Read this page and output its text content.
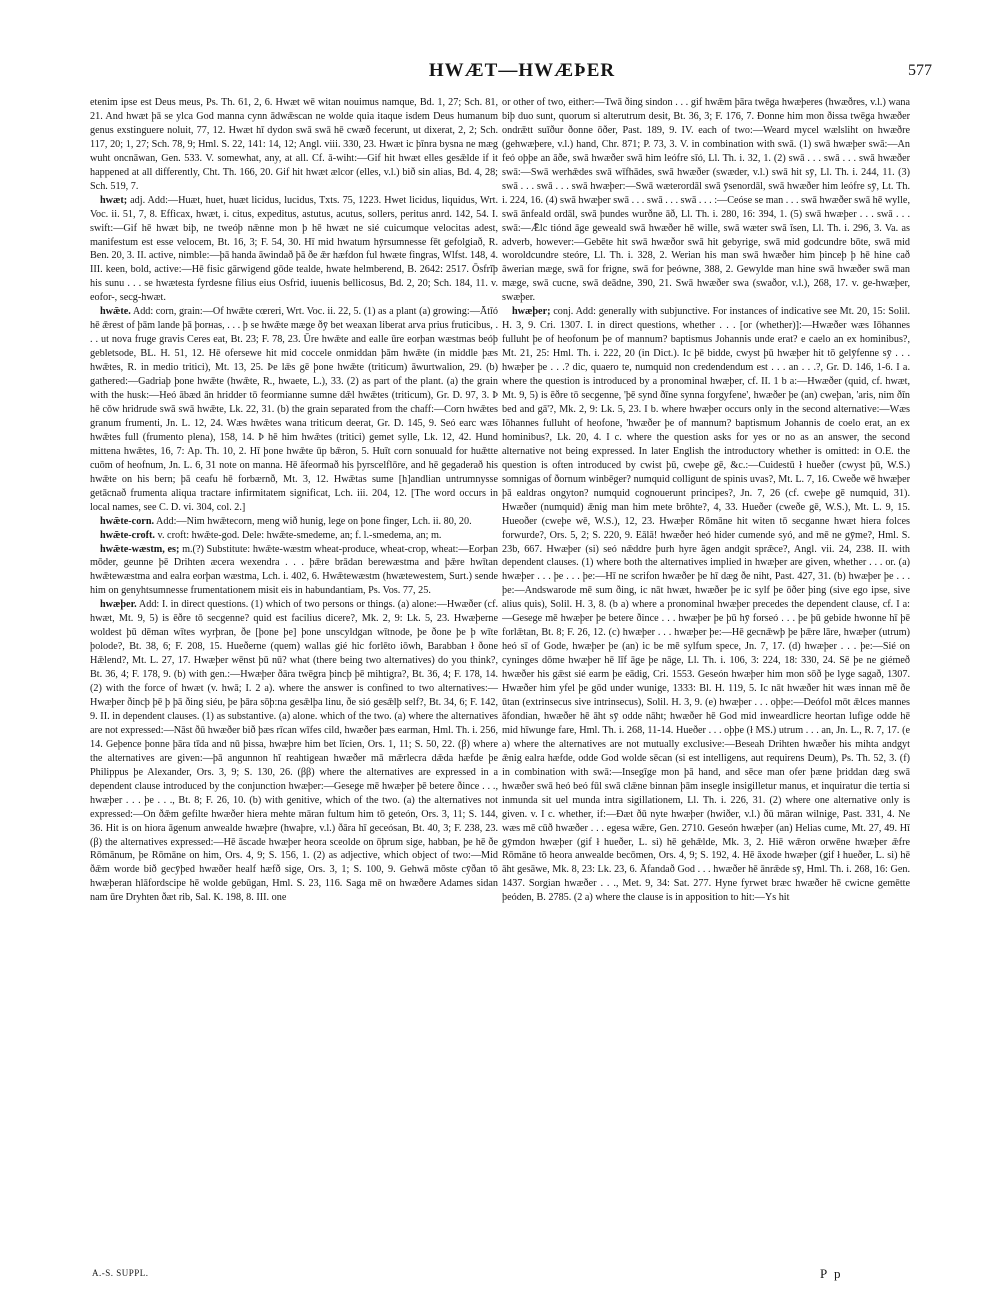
HWÆT—HWÆÞER	577

etenim ipse est Deus meus, Ps. Th. 61, 2, 6. Hwæt wē witan nouimus namque, Bd. 1, 27; Sch. 81, 21. And hwæt þā se ylca God manna cynn ādwǣscan ne wolde quia itaque isdem Deus humanum genus exstinguere noluit, 77, 12. Hwæt hī dydon swā swā hē cwæð fecerunt, ut dixerat, 2, 2; Sch. 117, 20; 1, 27; Sch. 78, 9; Hml. S. 22, 141: 14, 12; Angl. viii. 330, 23. Hwæt ic þīnra bysna ne mæg wuht oncnāwan, Gen. 533. V. somewhat, any, at all. Cf. ā-wiht:—Gif hit hwæt elles gesǣlde if it happened at all differently, Cht. Th. 166, 20. Gif hit hwæt ælcor (elles, v.l.) bið sin alias, Bd. 4, 28; Sch. 519, 7.

hwæt; adj. Add:—Huæt, huet, huæt licidus, lucidus, Txts. 75, 1223. Hwet licidus, liquidus, Wrt. Voc. ii. 51, 7, 8. Efficax, hwæt, i. citus, expeditus, astutus, acutus, sollers, peritus anrd. 142, 54. I. swift:—Gif hē hwæt biþ, ne tweóþ nǣnne mon þ hē hwæt ne sié cuicumque velocitas adest, manifestum est esse velocem, Bt. 16, 3; F. 54, 30. Hī mid hwatum hȳrsumnesse fēt gefolgiað, R. Ben. 20, 3. II. active, nimble:—þā handa āwindað þā ðe ǣr hæfdon ful hwæte fingras, Wlfst. 148, 4. III. keen, bold, active:—Hē fisic gārwigend gōde tealde, hwate helmberend, B. 2642: 2517. Ōsfrīþ his sunu . . . se hwætesta fyrdesne filius eius Osfrid, iuuenis bellicosus, Bd. 2, 20; Sch. 184, 11. v. eofor-, secg-hwæt.

hwǣte. Add: corn, grain:—Of hwǣte cœreri, Wrt. Voc. ii. 22, 5. (1) as a plant (a) growing:—Ātīó hē ǣrest of þām lande þā þorнas, . . . þ se hwǣte mæge ðȳ bet weaxan liberat arva prius fruticibus, . . . ut nova fruge gravis Ceres eat, Bt. 23; F. 78, 23. Ūre hwǣte and ealle ūre eorþan wæstmas beóþ gebletsode, BL. H. 51, 12. Hē ofersewe hit mid coccele onmiddan þām hwǣte (in middle þæs hwǣtes, R. in medio tritici), Mt. 13, 25. Þe lǣs gē þone hwǣte (triticum) āwurtwalion, 29. (b) gathered:—Gadriaþ þone hwǣte (hwǣte, R., hwaete, L.), 33. (2) as part of the plant. (a) the grain with the husk:—Heó ābæd ān hridder tō feormianne sumne dǣl hwǣtes (triticum), Gr. D. 97, 3. Þ hē cǒw hridrude swā swā hwǣte, Lk. 22, 31. (b) the grain separated from the chaff:—Corn hwǣtes granum frumenti, Jn. L. 12, 24. Wæs hwǣtes wana triticum deerat, Gr. D. 145, 9. Seó earc wæs hwǣtes full (frumento plena), 158, 14. Þ hē him hwǣtes (tritici) gemet sylle, Lk. 12, 42. Hund mittena hwǣtes, 16, 7: Ap. Th. 10, 2. Hī þone hwǣte ūp bǣron, 5. Huīt corn sonuuald for huǣtte cuōm of heofnum, Jn. L. 6, 31 note on manna. Hē āfeormað his þyrscelflōre, and hē gegaderað his hwǣte on his bern; þā ceafu hē forbærnð, Mt. 3, 12. Hwǣtas sume [h]andlian untrumnysse getācnað frumenta aliqua tractare infirmitatem significat, Lch. iii. 204, 12. [The word occurs in local names, see C. D. vi. 304, col. 2.]

hwǣte-corn. Add:—Nim hwǣtecorn, meng wið hunig, lege on þone finger, Lch. ii. 80, 20.

hwǣte-croft. v. croft: hwǣte-god. Dele: hwǣte-smedeme, an; f. l.-smedema, an; m.

hwǣte-wæstm, es; m.(?) Substitute: hwǣte-wæstm wheat-produce, wheat-crop, wheat:—Eorþan mōder, geunne þē Drihten æcera wexendra . . . þǣre brādan berewæstma and þǣre hwītan hwǣtewæstma and ealra eorþan wæstma, Lch. i. 402, 6. Hwǣtewæstm (hwætewestem, Surt.) sende him on genyhtsumnesse frumentationem misit eis in habundantiam, Ps. Vos. 77, 25.

hwæþer. Add: I. in direct questions. (1) which of two persons or things. (a) alone:—Hwæðer (cf. hwæt, Mt. 9, 5) is ēðre tō secgenne? quid est facilius dicere?, Mk. 2, 9: Lk. 5, 23. Hwæþerne woldest þū dēman wītes wyrþran, ðe [þone þe] þone unscyldgan wītnode, þe ðone þe þ wīte þolode?, Bt. 38, 6; F. 208, 15. Hueðerne (quem) wallas gié hic forlēto iōwh, Barabban ł ðone Hǣlend?, Mt. L. 27, 17. Hwæþer wēnst þū nū? what (there being two alternatives) do you think?, Bt. 36, 4; F. 178, 9. (b) with gen.:—Hwæþer ðāra twēgra þincþ þē mihtigra?, Bt. 36, 4; F. 178, 14. (2) with the force of hwæt (v. hwā; I. 2 a). where the answer is confined to two alternatives:—Hwæþer ðincþ þē þ þā ðing siéu, þe þāra sōþ:na gesǣlþa linu, ðe sió gesǣlþ self?, Bt. 34, 6; F. 142, 9. II. in dependent clauses. (1) as substantive. (a) alone. which of the two. (a) where the alternatives are not expressed:—Nāst ðū hwæðer bið þæs rīcan wīfes cild, hwæðer þæs earman, Hml. Th. i. 256, 14. Geþence þonne þāra tīda and nū þissa, hwæþre him bet līcien, Ors. 1, 11; S. 50, 22. (β) where the alternatives are given:—þā angunnon hī reahtigean hwæðer mā mǣrlecra dǣda hæfde þe Philippus þe Alexander, Ors. 3, 9; S. 130, 26. (ββ) where the alternatives are expressed in a dependent clause introduced by the conjunction hwæþer:—Gesege mē hwæþer þē betere ðince . . ., hwæþer . . . þe . . ., Bt. 8; F. 26, 10. (b) with genitive, which of the two. (a) the alternatives not expressed:—On ðǣm gefilte hwæðer hiera mehte māran fultum him tō geteón, Ors. 3, 11; S. 144, 36. Hit is on hiora āgenum anwealde hwæþre (hwaþre, v.l.) ðāra hī geceósan, Bt. 40, 3; F. 238, 23. (β) the alternatives expressed:—Hē āscade hwæþer heora sceolde on ōþrum sige, habban, þe hē ðe Rōmānum, þe Rōmāne on him, Ors. 4, 9; S. 156, 1. (2) as adjective, which object of two:—Mid ðǣm worde bið gecȳþed hwæðer healf hæfð sige, Ors. 3, 1; S. 100, 9. Gehwā mōste cȳðan tō hwæþeran hlāfordscipe hē wolde gebūgan, Hml. S. 23, 116. Saga mē on hwæðere Adames sidan nam ūre Dryhten ðæt rib, Sal. K. 198, 8. III. one

or other of two, either:—Twā ðing sindon . . . gif hwǣm þāra twēga hwæþeres (hwæðres, v.l.) wana biþ duo sunt, quorum si alterutrum desit, Bt. 36, 3; F. 176, 7. Ðonne him mon ðissa twēga hwæðer ondrǣtt suīður ðonne ōðer, Past. 189, 9. IV. each of two:—Weard mycel wælsliht on hwæðre (gehwæþere, v.l.) hand, Chr. 871; P. 73, 3. V. in combination with swā. (1) swā hwæþer swā:—An feó oþþe an āðe, swā hwæðer swā him leófre sīó, Ll. Th. i. 32, 1. (2) swā . . . swā . . . swā hwæðer swā:—Swā werhǣdes swā wīfhādes, swā hwæðer (swæder, v.l.) swā hit sȳ, Ll. Th. i. 244, 11. (3) swā . . . swā . . . swā hwæþer:—Swā wæterordāl swā ȳsenordāl, swā hwæðer him leófre sȳ, Lt. Th. i. 224, 16. (4) swā hwæþer swā . . . swā . . . swā . . . :—Ceóse se man . . . swā hwæðer swā hē wylle, swā ānfeald ordāl, swā þundes wurðne āð, Ll. Th. i. 280, 16: 394, 1. (5) swā hwæþer . . . swā . . . swā:—Ǣlc tiónd āge geweald swā hwæðer hē wille, swā wæter swā īsen, Ll. Th. i. 296, 3. Va. as adverb, however:—Gebēte hit swā hwæðor swā hit gebyrige, swā mid godcundre bōte, swā mid woroldcundre steóre, Ll. Th. i. 328, 2. Werian his man swā hwæðer him þinceþ þ hē hine cað āwerian mæge, swā for frigne, swā for þeówne, 388, 2. Gewylde man hine swā hwæðer swā man mæge, swā cucne, swā deādne, 390, 21. Swā hwæðer swa (swaðor, v.l.), 268, 17. v. ge-hwæþer, swæþer.

hwæþer; conj. Add: generally with subjunctive. For instances of indicative see Mt. 20, 15: Solil. H. 3, 9. Cri. 1307. I. in direct questions, whether . . . [or (whether)]:—Hwæðer wæs Iōhannes fulluht þe of heofonum þe of mannum? baptismus Johannis unde erat? e caelo an ex hominibus?, Mt. 21, 25: Hml. Th. i. 222, 20 (in Dict.). Ic þē bidde, cwyst þū hwæþer hit tō gelȳfenne sȳ . . . hwæþer þe . . .? dic, quaero te, numquid non credendendum est . . . an . . .?, Gr. D. 146, 1-6. I a. where the question is introduced by a pronominal hwæþer, cf. II. 1 b a:—Hwæðer (quid, cf. hwæt, Mt. 9, 5) is ēðre tō secgenne, 'þē synd ðīne synna forgyfene', hwæðer þe (an) cweþan, 'aris, nim ðīn bed and gā'?, Mk. 2, 9: Lk. 5, 23. I b. where hwæþer occurs only in the second alternative:—Wæs Iōhannes fulluht of heofone, 'hwæðer þe of mannum? baptismum Johannis de coelo erat, an ex hominibus?, Lk. 20, 4. I c. where the question asks for yes or no as an answer, the second alternative not being expressed. In later English the introductory whether is omitted: in O.E. the question is often introduced by cwist þū, cweþe gē, &c.:—Cuidestū ł hueðer (cwyst þū, W.S.) somnigas of ðornum winbēger? numquid colligunt de spinis uvas?, Mt. L. 7, 16. Cweðe wē hwæþer þā ealdras ongyton? numquid cognouerunt principes?, Jn. 7, 26 (cf. cweþe gē numquid, 31). Hwæðer (numquid) ǣnig man him mete brōhte?, 4, 33. Hueðer (cweðe gē, W.S.), Mt. L. 9, 15. Hueoðer (cweþe wē, W.S.), 12, 23. Hwæþer Rōmāne hit witen tō secganne hwæt hiera folces forwurde?, Ors. 5, 2; S. 220, 9. Eālā! hwæðer heó hider cumende syó, and mē ne gȳme?, Hml. S. 23b, 667. Hwæþer (si) seó nǣddre þurh hyre āgen andgit sprǣce?, Angl. vii. 24, 238. II. with dependent clauses. (1) where both the alternatives implied in hwæþer are given, whether . . . or. (a) hwæþer . . . þe . . . þe:—Hī ne scrifon hwæðer þe hī dæg ðe niht, Past. 427, 31. (b) hwæþer þe . . . þe:—Andswarode mē sum ðing, ic nāt hwæt, hwæðer þe ic sylf þe ōðer þing (sive ego ipse, sive alius quis), Solil. H. 3, 8. (b a) where a pronominal hwæþer precedes the dependent clause, cf. I a:—Gesege mē hwæþer þe betere ðince . . . hwæþer þe þū hȳ forseó . . . þe þū gebide hwonne hī þē forlǣtan, Bt. 8; F. 26, 12. (c) hwæþer . . . hwæþer þe:—Hē gecnǣwþ þe þǣre lāre, hwæþer (utrum) heó sī of Gode, hwæþer þe (an) ic be mē sylfum spece, Jn. 7, 17. (d) hwæþer . . . þe:—Sié on cyninges dōme hwæþer hē līf āge þe nāge, Ll. Th. i. 106, 3: 224, 18: 330, 24. Sē þe ne giémeð hwæðer his gǣst sié earm þe eādig, Cri. 1553. Geseón hwæþer him mon sōð þe lyge sagað, 1307. Hwæðer him yfel þe gōd under wunige, 1333: Bl. H. 119, 5. Ic nāt hwæðer hit wæs innan mē ðe ūtan (extrinsecus sive intrinsecus), Solil. H. 3, 9. (e) hwæþer . . . oþþe:—Deófol mōt ǣlces mannes āfondian, hwæðer hē āht sȳ odde nāht; hwæðer hē God mid inweardlicre heortan lufige odde hē mid hīwunge fare, Hml. Th. i. 268, 11-14. Hueðer . . . oþþe (ł MS.) utrum . . . an, Jn. L., R. 7, 17. (e a) where the alternatives are not mutually exclusive:—Beseah Drihten hwæðer his mihta andgyt ǣnig ealra hæfde, odde God wolde sēcan (si est intelligens, aut requirens Deum), Ps. Th. 52, 3. (f) in combination with swā:—Insegīge mon þā hand, and sēce man ofer þæne þriddan dæg swā hwæðer swā heó beó fūl swā clǣne binnan þām insegle insigilletur manus, et inquiratur die tertia si inmunda sit uel munda intra sigillationem, Ll. Th. i. 226, 31. (2) where one alternative only is given. v. I c. whether, if:—Ðæt ðū nyte hwæþer (hwiðer, v.l.) ðū māran wilnige, Past. 331, 4. Ne wæs mē cūð hwæðer . . . egesa wǣre, Gen. 2710. Geseón hwæþer (an) Helias cume, Mt. 27, 49. Hī gȳmdon hwæþer (gif ł hueðer, L. si) hē gehǣlde, Mk. 3, 2. Hiē wǣron orwēne hwæþer ǣfre Rōmāne tō heora anwealde becōmen, Ors. 4, 9; S. 192, 4. Hē āxode hwæþer (gif ł hueðer, L. si) hē āht gesāwe, Mk. 8, 23: Lk. 23, 6. Āfandað God . . . hwæðer hē ānrǣde sȳ, Hml. Th. i. 268, 16: Gen. 1437. Sorgian hwæðer . . ., Met. 9, 34: Sat. 277. Hyne fyrwet bræc hwæðer hē cwicne gemētte þeóden, B. 2785. (2 a) where the clause is in apposition to hit:—Ys hit

A.-S. SUPPL.	P p
